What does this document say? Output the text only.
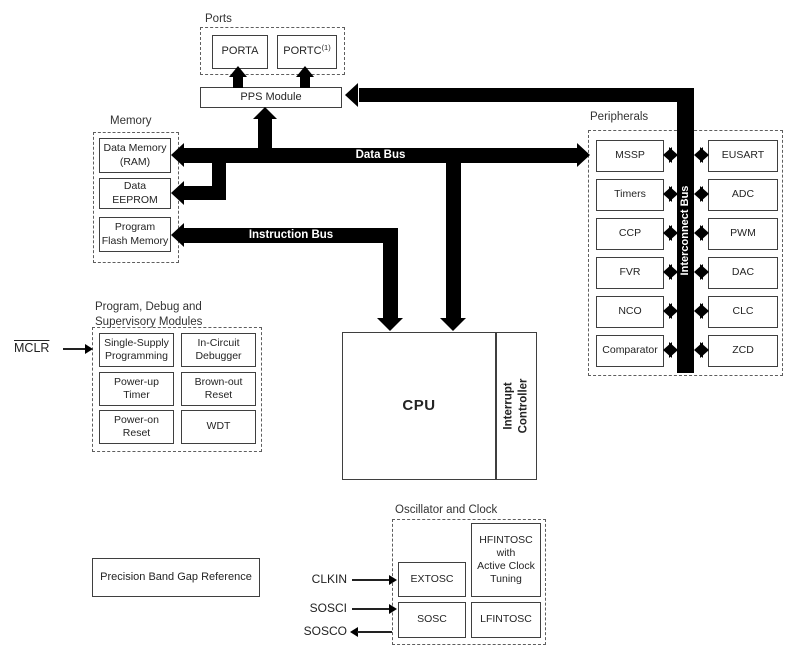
Ports
Memory	Peripherals
Program, Debug and
Supervisory Modules
Oscillator and Clock
PORTA PORTC$^{(1)}$
PPS Module
Data Memory
(RAM)
Data
EEPROM
Program
Flash Memory
CPU	Interrupt
Controller
MSSP
Timers
CCP
FVR
NCO
Comparator
EUSART
ADC
PWM
DAC
CLC
ZCD
Single-Supply
Programming
In-Circuit
Debugger
Power-up
Timer
Brown-out
Reset
Power-on
Reset
WDT
EXTOSC
HFINTOSC
with
Active Clock
Tuning
SOSC	LFINTOSC
Precision Band Gap Reference
Data Bus
Instruction Bus	Interconnect Bus
MCLR
CLKIN
SOSCI
SOSCO
